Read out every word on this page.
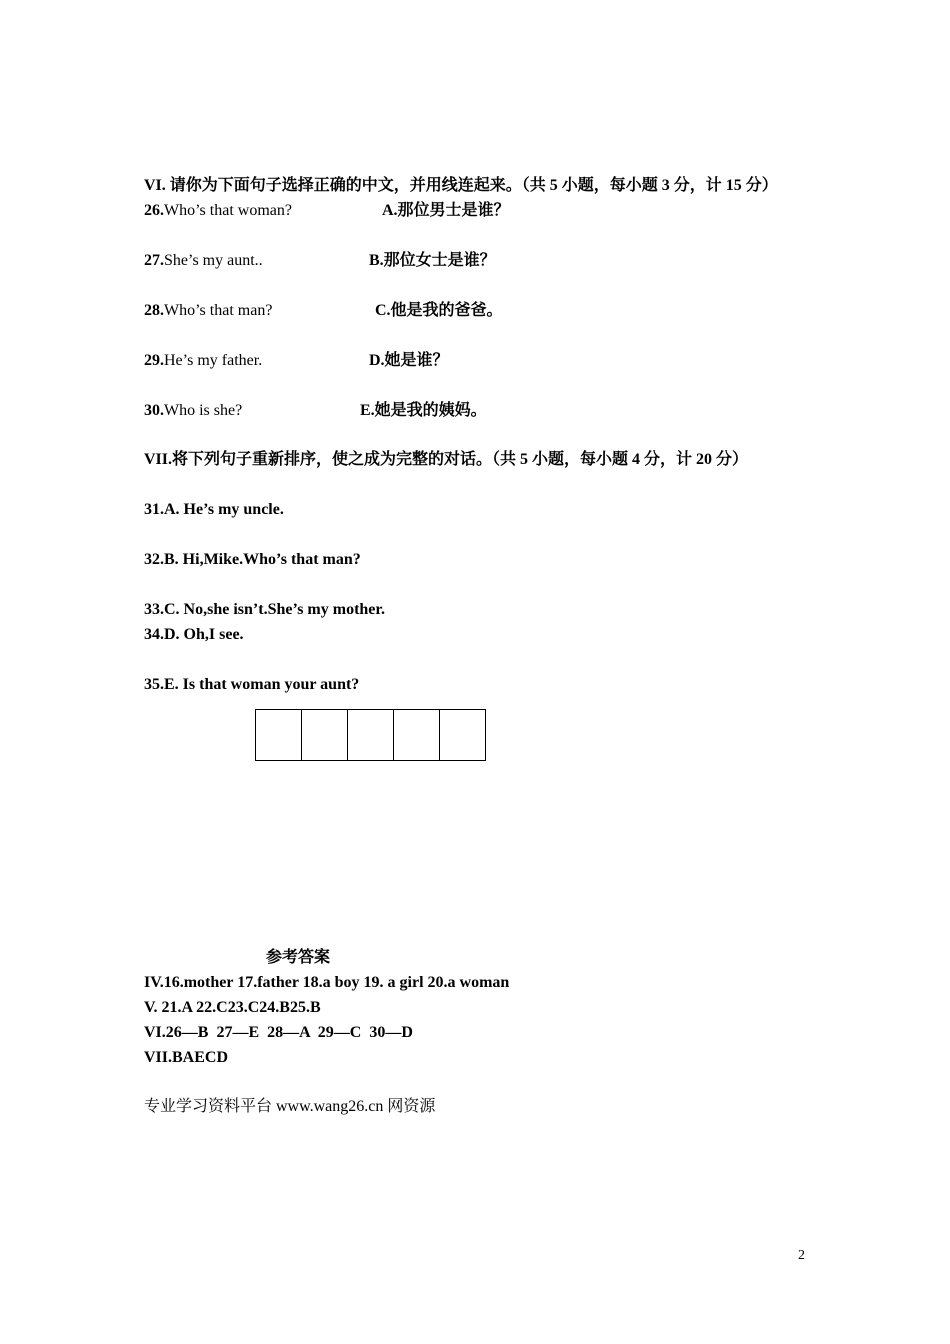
VI. 请你为下面句子选择正确的中文，并用线连起来。（共 5 小题，每小题 3 分，计 15 分）
26.Who’s that woman?	A.那位男士是谁？
27.She’s my aunt..	B.那位女士是谁？
28.Who’s that man?	C.他是我的爸爸。
29.He’s my father.	D.她是谁？
30.Who is she?	E.她是我的姨妈。
VII.将下列句子重新排序，使之成为完整的对话。（共 5 小题，每小题 4 分，计 20 分）
31.A. He’s my uncle.
32.B. Hi,Mike.Who’s that man?
33.C. No,she isn’t.She’s my mother.
34.D. Oh,I see.
35.E. Is that woman your aunt?
参考答案
IV.16.mother 17.father 18.a boy 19. a girl 20.a woman
V. 21.A 22.C23.C24.B25.B
VI.26—B  27—E  28—A  29—C  30—D
VII.BAECD
专业学习资料平台 www.wang26.cn 网资源
2
